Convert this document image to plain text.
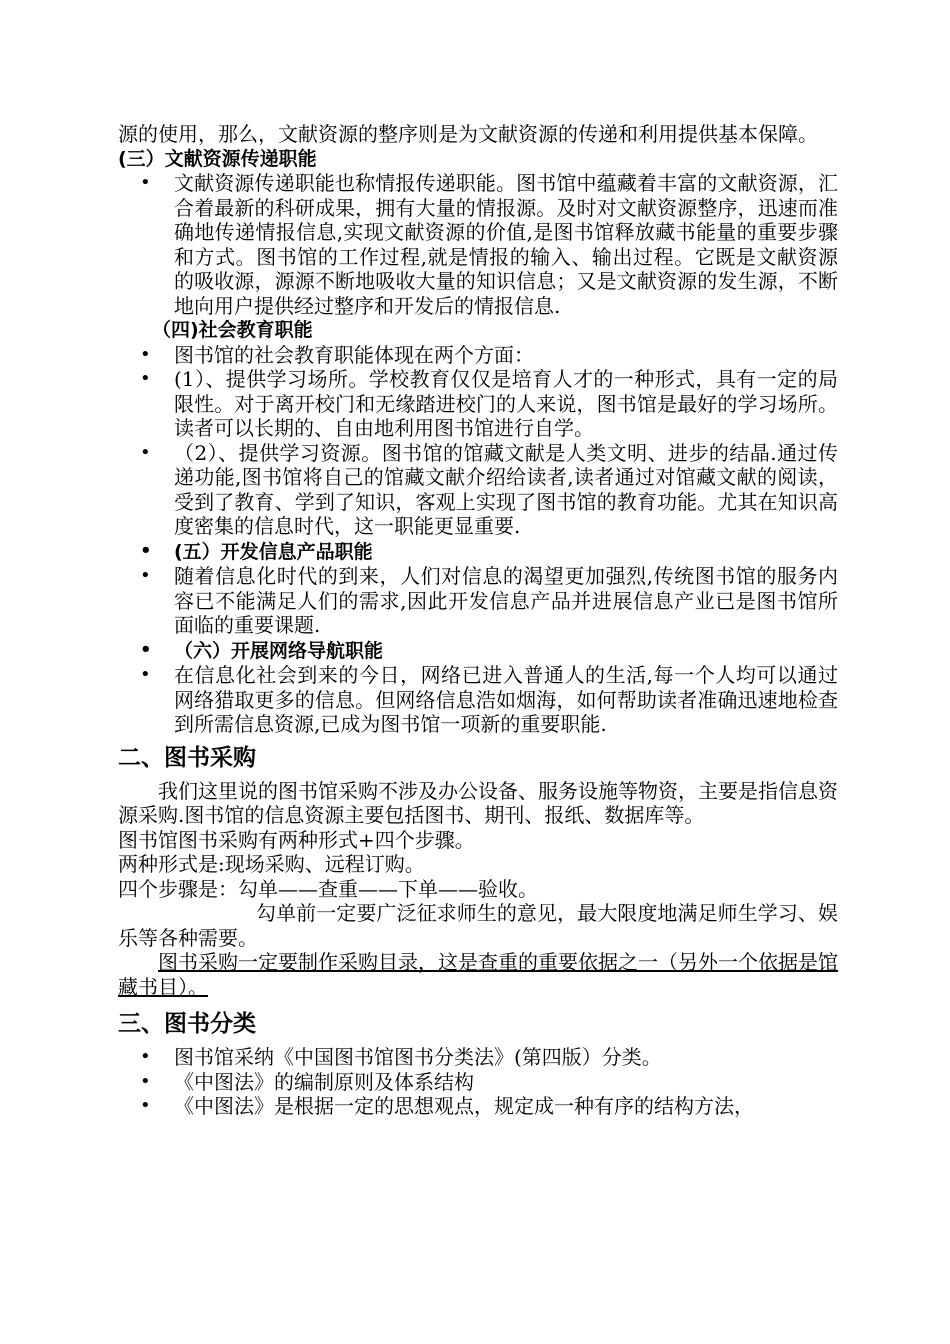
源的使用，那么，文献资源的整序则是为文献资源的传递和利用提供基本保障。

(三）文献资源传递职能

• 文献资源传递职能也称情报传递职能。图书馆中蕴藏着丰富的文献资源，汇合着最新的科研成果，拥有大量的情报源。及时对文献资源整序，迅速而准确地传递情报信息,实现文献资源的价值,是图书馆释放藏书能量的重要步骤和方式。图书馆的工作过程,就是情报的输入、输出过程。它既是文献资源的吸收源，源源不断地吸收大量的知识信息；又是文献资源的发生源，不断地向用户提供经过整序和开发后的情报信息.

（四)社会教育职能

• 图书馆的社会教育职能体现在两个方面：
• (1）、提供学习场所。学校教育仅仅是培育人才的一种形式，具有一定的局限性。对于离开校门和无缘踏进校门的人来说，图书馆是最好的学习场所。读者可以长期的、自由地利用图书馆进行自学。
• （2）、提供学习资源。图书馆的馆藏文献是人类文明、进步的结晶.通过传递功能,图书馆将自己的馆藏文献介绍给读者,读者通过对馆藏文献的阅读，受到了教育、学到了知识，客观上实现了图书馆的教育功能。尤其在知识高度密集的信息时代，这一职能更显重要.
• (五）开发信息产品职能
• 随着信息化时代的到来，人们对信息的渴望更加强烈,传统图书馆的服务内容已不能满足人们的需求,因此开发信息产品并进展信息产业已是图书馆所面临的重要课题.
• （六）开展网络导航职能
• 在信息化社会到来的今日，网络已进入普通人的生活,每一个人均可以通过网络猎取更多的信息。但网络信息浩如烟海，如何帮助读者准确迅速地检查到所需信息资源,已成为图书馆一项新的重要职能.
二、图书采购

我们这里说的图书馆采购不涉及办公设备、服务设施等物资，主要是指信息资源采购.图书馆的信息资源主要包括图书、期刊、报纸、数据库等。

图书馆图书采购有两种形式+四个步骤。

两种形式是:现场采购、远程订购。

四个步骤是：勾单——查重——下单——验收。

勾单前一定要广泛征求师生的意见，最大限度地满足师生学习、娱乐等各种需要。

图书采购一定要制作采购目录，这是查重的重要依据之一（另外一个依据是馆藏书目）。

三、图书分类
• 图书馆采纳《中国图书馆图书分类法》(第四版）分类。
• 《中图法》的编制原则及体系结构
• 《中图法》是根据一定的思想观点，规定成一种有序的结构方法，
